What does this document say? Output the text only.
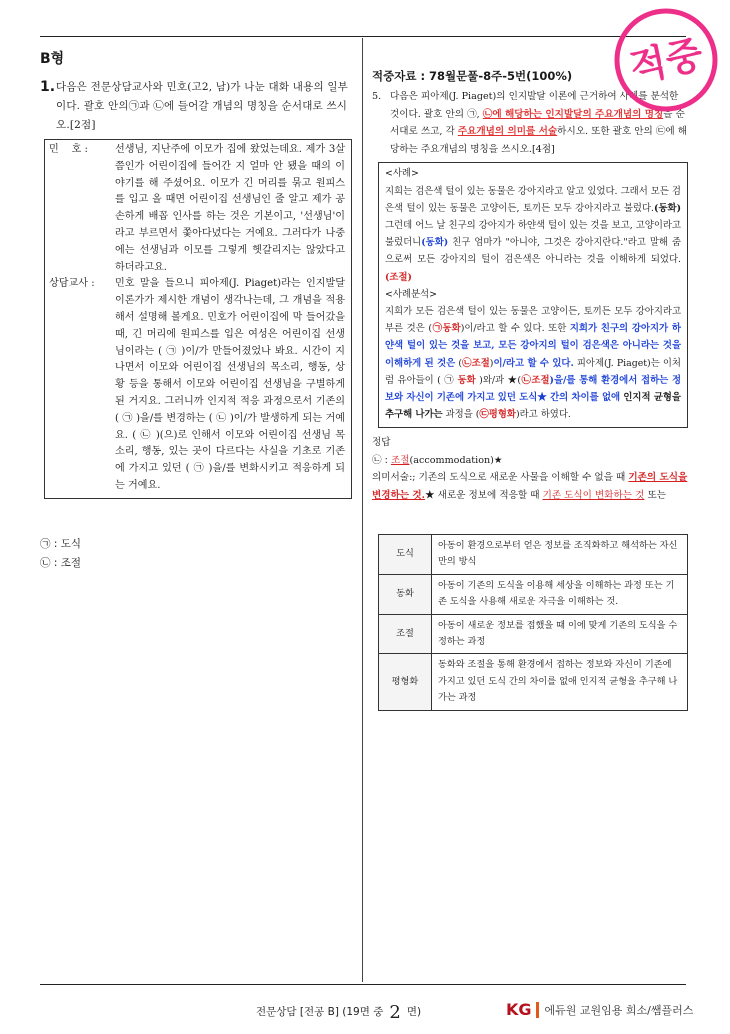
B형
1. 다음은 전문상담교사와 민호(고2, 남)가 나눈 대화 내용의 일부이다. 괄호 안의㉠과 ㉡에 들어갈 개념의 명칭을 순서대로 쓰시오.[2점]
민    호 :	선생님, 지난주에 이모가 집에 왔었는데요. 제가 3살쯤인가 어린이집에 들어간 지 얼마 안 됐을 때의 이야기를 해 주셨어요. 이모가 긴 머리를 묶고 원피스를 입고 올 때면 어린이집 선생님인 줄 알고 제가 공손하게 배꼽 인사를 하는 것은 기본이고, '선생님'이라고 부르면서 쫓아다녔다는 거예요. 그러다가 나중에는 선생님과 이모를 그렇게 헷갈리지는 않았다고 하더라고요.
상담교사 :	민호 말을 들으니 피아제(J. Piaget)라는 인지발달 이론가가 제시한 개념이 생각나는데, 그 개념을 적용해서 설명해 볼게요. 민호가 어린이집에 막 들어갔을 때, 긴 머리에 원피스를 입은 여성은 어린이집 선생님이라는 ( ㉠ )이/가 만들어졌었나 봐요. 시간이 지나면서 이모와 어린이집 선생님의 목소리, 행동, 상황 등을 통해서 이모와 어린이집 선생님을 구별하게 된 거지요. 그러니까 인지적 적응 과정으로서 기존의 ( ㉠ )을/를 변경하는 ( ㉡ )이/가 발생하게 되는 거예요. ( ㉡ )(으)로 인해서 이모와 어린이집 선생님 목소리, 행동, 있는 곳이 다르다는 사실을 기초로 기존에 가지고 있던 ( ㉠ )을/를 변화시키고 적응하게 되는 거예요.
㉠ : 도식
㉡ : 조절
적중자료 : 78월문풀-8주-5번(100%)
5. 다음은 피아제(J. Piaget)의 인지발달 이론에 근거하여 사례를 분석한 것이다. 괄호 안의 ㉠, ㉡에 해당하는 인지발달의 주요개념의 명칭을 순서대로 쓰고, 각 주요개념의 의미를 서술하시오. 또한 괄호 안의 ㉢에 해당하는 주요개념의 명칭을 쓰시오.[4점]

<사례>

지희는 검은색 털이 있는 동물은 강아지라고 알고 있었다. 그래서 모든 검은색 털이 있는 동물은 고양이든, 토끼든 모두 강아지라고 불렀다.(동화) 그런데 어느 날 친구의 강아지가 하얀색 털이 있는 것을 보고, 고양이라고 불렀더니(동화) 친구 엄마가 "아니야, 그것은 강아지란다."라고 말해 줌으로써 모든 강아지의 털이 검은색은 아니라는 것을 이해하게 되었다. (조절)

<사례분석>

지희가 모든 검은색 털이 있는 동물은 고양이든, 토끼든 모두 강아지라고 부른 것은 (㉠동화)이/라고 할 수 있다. 또한 지희가 친구의 강아지가 하얀색 털이 있는 것을 보고, 모든 강아지의 털이 검은색은 아니라는 것을 이해하게 된 것은 (㉡조절)이/라고 할 수 있다. 피아제(J. Piaget)는 이처럼 유아들이 ( ㉠ 동화 )와/과 ★(㉡조절)을/를 통해 환경에서 접하는 정보와 자신이 기존에 가지고 있던 도식★ 간의 차이를 없애 인지적 균형을 추구해 나가는 과정을 (㉢평형화)라고 하였다.

정답
㉡ : 조절(accommodation)★
의미서술:; 기존의 도식으로 새로운 사물을 이해할 수 없을 때 기존의 도식을 변경하는 것.★ 새로운 정보에 적응할 때 기존 도식이 변화하는 것 또는
도식	아동이 환경으로부터 얻은 정보를 조직화하고 해석하는 자신만의 방식
동화	아동이 기존의 도식을 이용해 세상을 이해하는 과정 또는 기존 도식을 사용해 새로운 자극을 이해하는 것.
조절	아동이 새로운 정보를 접했을 때 이에 맞게 기존의 도식을 수정하는 과정
평형화	동화와 조절을 통해 환경에서 접하는 정보와 자신이 기존에 가지고 있던 도식 간의 차이를 없애 인지적 균형을 추구해 나가는 과정
적중
전문상담 [전공 B] (19면 중 2 면)	KG 에듀원 교원임용 희소/쌤플러스
